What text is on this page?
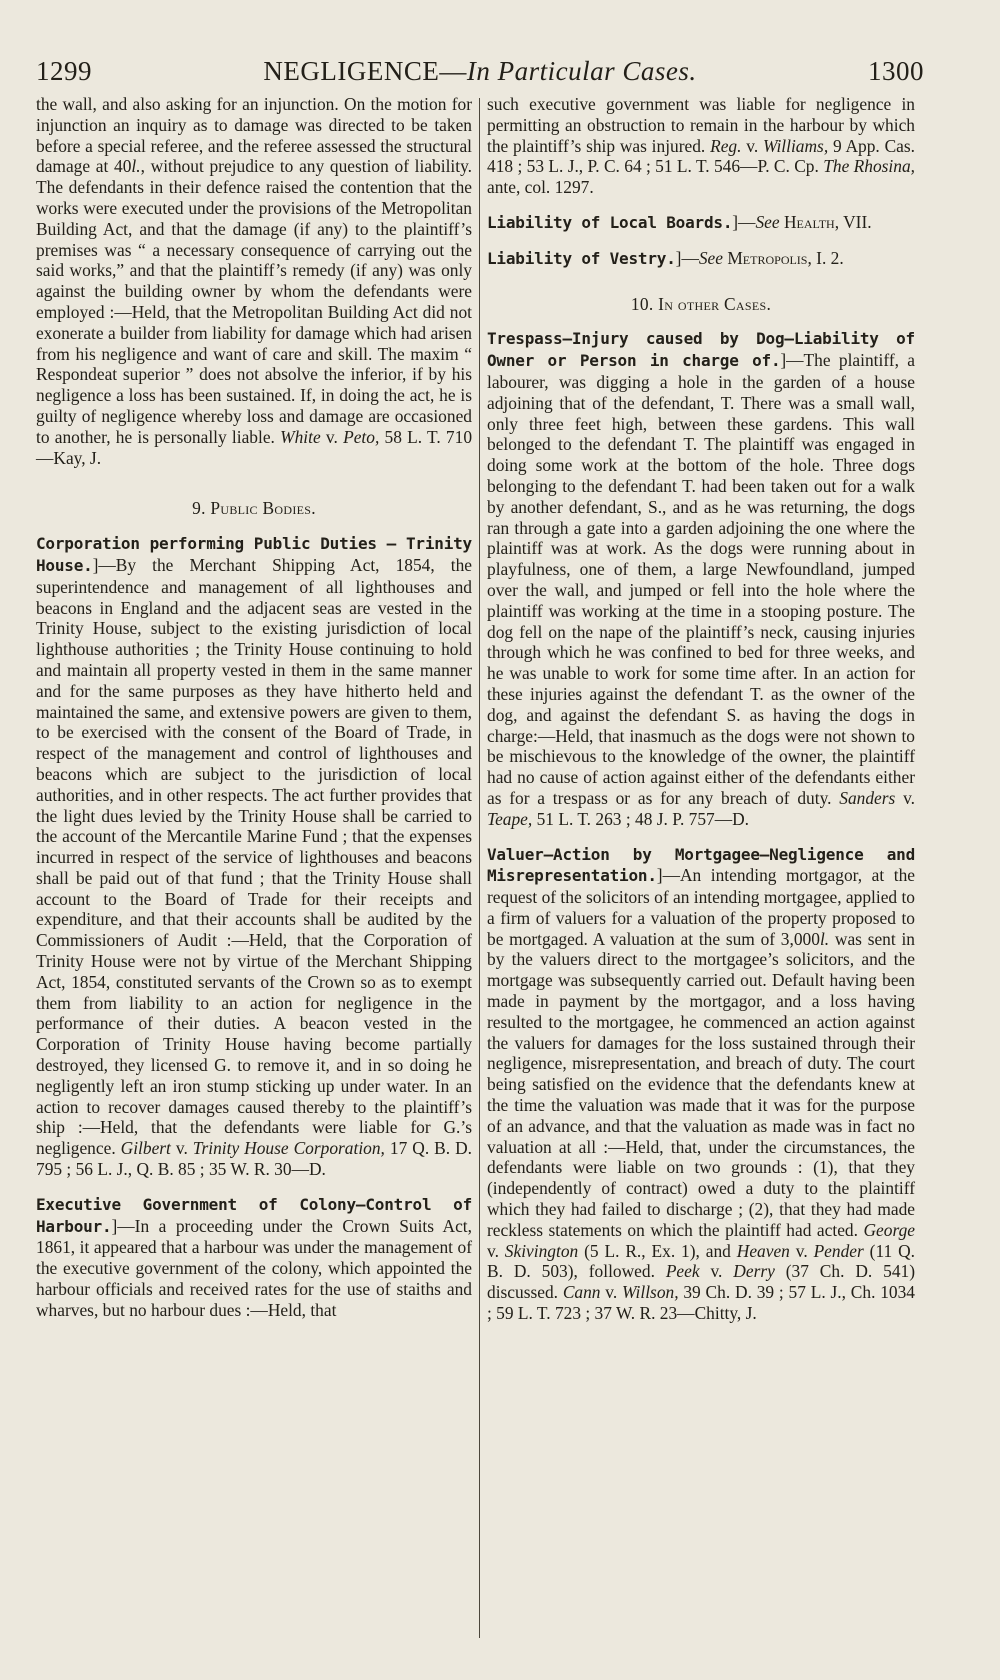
1299	NEGLIGENCE—In Particular Cases.	1300

the wall, and also asking for an injunction. On the motion for injunction an inquiry as to damage was directed to be taken before a special referee, and the referee assessed the structural damage at 40l., without prejudice to any question of liability. The defendants in their defence raised the contention that the works were executed under the provisions of the Metropolitan Building Act, and that the damage (if any) to the plaintiff’s premises was “ a necessary consequence of carrying out the said works,” and that the plaintiff’s remedy (if any) was only against the building owner by whom the defendants were employed :—Held, that the Metropolitan Building Act did not exonerate a builder from liability for damage which had arisen from his negligence and want of care and skill. The maxim “ Respondeat superior ” does not absolve the inferior, if by his negligence a loss has been sustained. If, in doing the act, he is guilty of negligence whereby loss and damage are occasioned to another, he is personally liable. White v. Peto, 58 L. T. 710—Kay, J.

9. Public Bodies.

Corporation performing Public Duties — Trinity House.]—By the Merchant Shipping Act, 1854, the superintendence and management of all lighthouses and beacons in England and the adjacent seas are vested in the Trinity House, subject to the existing jurisdiction of local lighthouse authorities ; the Trinity House continuing to hold and maintain all property vested in them in the same manner and for the same purposes as they have hitherto held and maintained the same, and extensive powers are given to them, to be exercised with the consent of the Board of Trade, in respect of the management and control of lighthouses and beacons which are subject to the jurisdiction of local authorities, and in other respects. The act further provides that the light dues levied by the Trinity House shall be carried to the account of the Mercantile Marine Fund ; that the expenses incurred in respect of the service of lighthouses and beacons shall be paid out of that fund ; that the Trinity House shall account to the Board of Trade for their receipts and expenditure, and that their accounts shall be audited by the Commissioners of Audit :—Held, that the Corporation of Trinity House were not by virtue of the Merchant Shipping Act, 1854, constituted servants of the Crown so as to exempt them from liability to an action for negligence in the performance of their duties. A beacon vested in the Corporation of Trinity House having become partially destroyed, they licensed G. to remove it, and in so doing he negligently left an iron stump sticking up under water. In an action to recover damages caused thereby to the plaintiff’s ship :—Held, that the defendants were liable for G.’s negligence. Gilbert v. Trinity House Corporation, 17 Q. B. D. 795 ; 56 L. J., Q. B. 85 ; 35 W. R. 30—D.

Executive Government of Colony—Control of Harbour.]—In a proceeding under the Crown Suits Act, 1861, it appeared that a harbour was under the management of the executive government of the colony, which appointed the harbour officials and received rates for the use of staiths and wharves, but no harbour dues :—Held, that

such executive government was liable for negligence in permitting an obstruction to remain in the harbour by which the plaintiff’s ship was injured. Reg. v. Williams, 9 App. Cas. 418 ; 53 L. J., P. C. 64 ; 51 L. T. 546—P. C. Cp. The Rhosina, ante, col. 1297.

Liability of Local Boards.]—See Health, VII.

Liability of Vestry.]—See Metropolis, I. 2.

10. In other Cases.

Trespass—Injury caused by Dog—Liability of Owner or Person in charge of.]—The plaintiff, a labourer, was digging a hole in the garden of a house adjoining that of the defendant, T. There was a small wall, only three feet high, between these gardens. This wall belonged to the defendant T. The plaintiff was engaged in doing some work at the bottom of the hole. Three dogs belonging to the defendant T. had been taken out for a walk by another defendant, S., and as he was returning, the dogs ran through a gate into a garden adjoining the one where the plaintiff was at work. As the dogs were running about in playfulness, one of them, a large Newfoundland, jumped over the wall, and jumped or fell into the hole where the plaintiff was working at the time in a stooping posture. The dog fell on the nape of the plaintiff’s neck, causing injuries through which he was confined to bed for three weeks, and he was unable to work for some time after. In an action for these injuries against the defendant T. as the owner of the dog, and against the defendant S. as having the dogs in charge:—Held, that inasmuch as the dogs were not shown to be mischievous to the knowledge of the owner, the plaintiff had no cause of action against either of the defendants either as for a trespass or as for any breach of duty. Sanders v. Teape, 51 L. T. 263 ; 48 J. P. 757—D.

Valuer—Action by Mortgagee—Negligence and Misrepresentation.]—An intending mortgagor, at the request of the solicitors of an intending mortgagee, applied to a firm of valuers for a valuation of the property proposed to be mortgaged. A valuation at the sum of 3,000l. was sent in by the valuers direct to the mortgagee’s solicitors, and the mortgage was subsequently carried out. Default having been made in payment by the mortgagor, and a loss having resulted to the mortgagee, he commenced an action against the valuers for damages for the loss sustained through their negligence, misrepresentation, and breach of duty. The court being satisfied on the evidence that the defendants knew at the time the valuation was made that it was for the purpose of an advance, and that the valuation as made was in fact no valuation at all :—Held, that, under the circumstances, the defendants were liable on two grounds : (1), that they (independently of contract) owed a duty to the plaintiff which they had failed to discharge ; (2), that they had made reckless statements on which the plaintiff had acted. George v. Skivington (5 L. R., Ex. 1), and Heaven v. Pender (11 Q. B. D. 503), followed. Peek v. Derry (37 Ch. D. 541) discussed. Cann v. Willson, 39 Ch. D. 39 ; 57 L. J., Ch. 1034 ; 59 L. T. 723 ; 37 W. R. 23—Chitty, J.
